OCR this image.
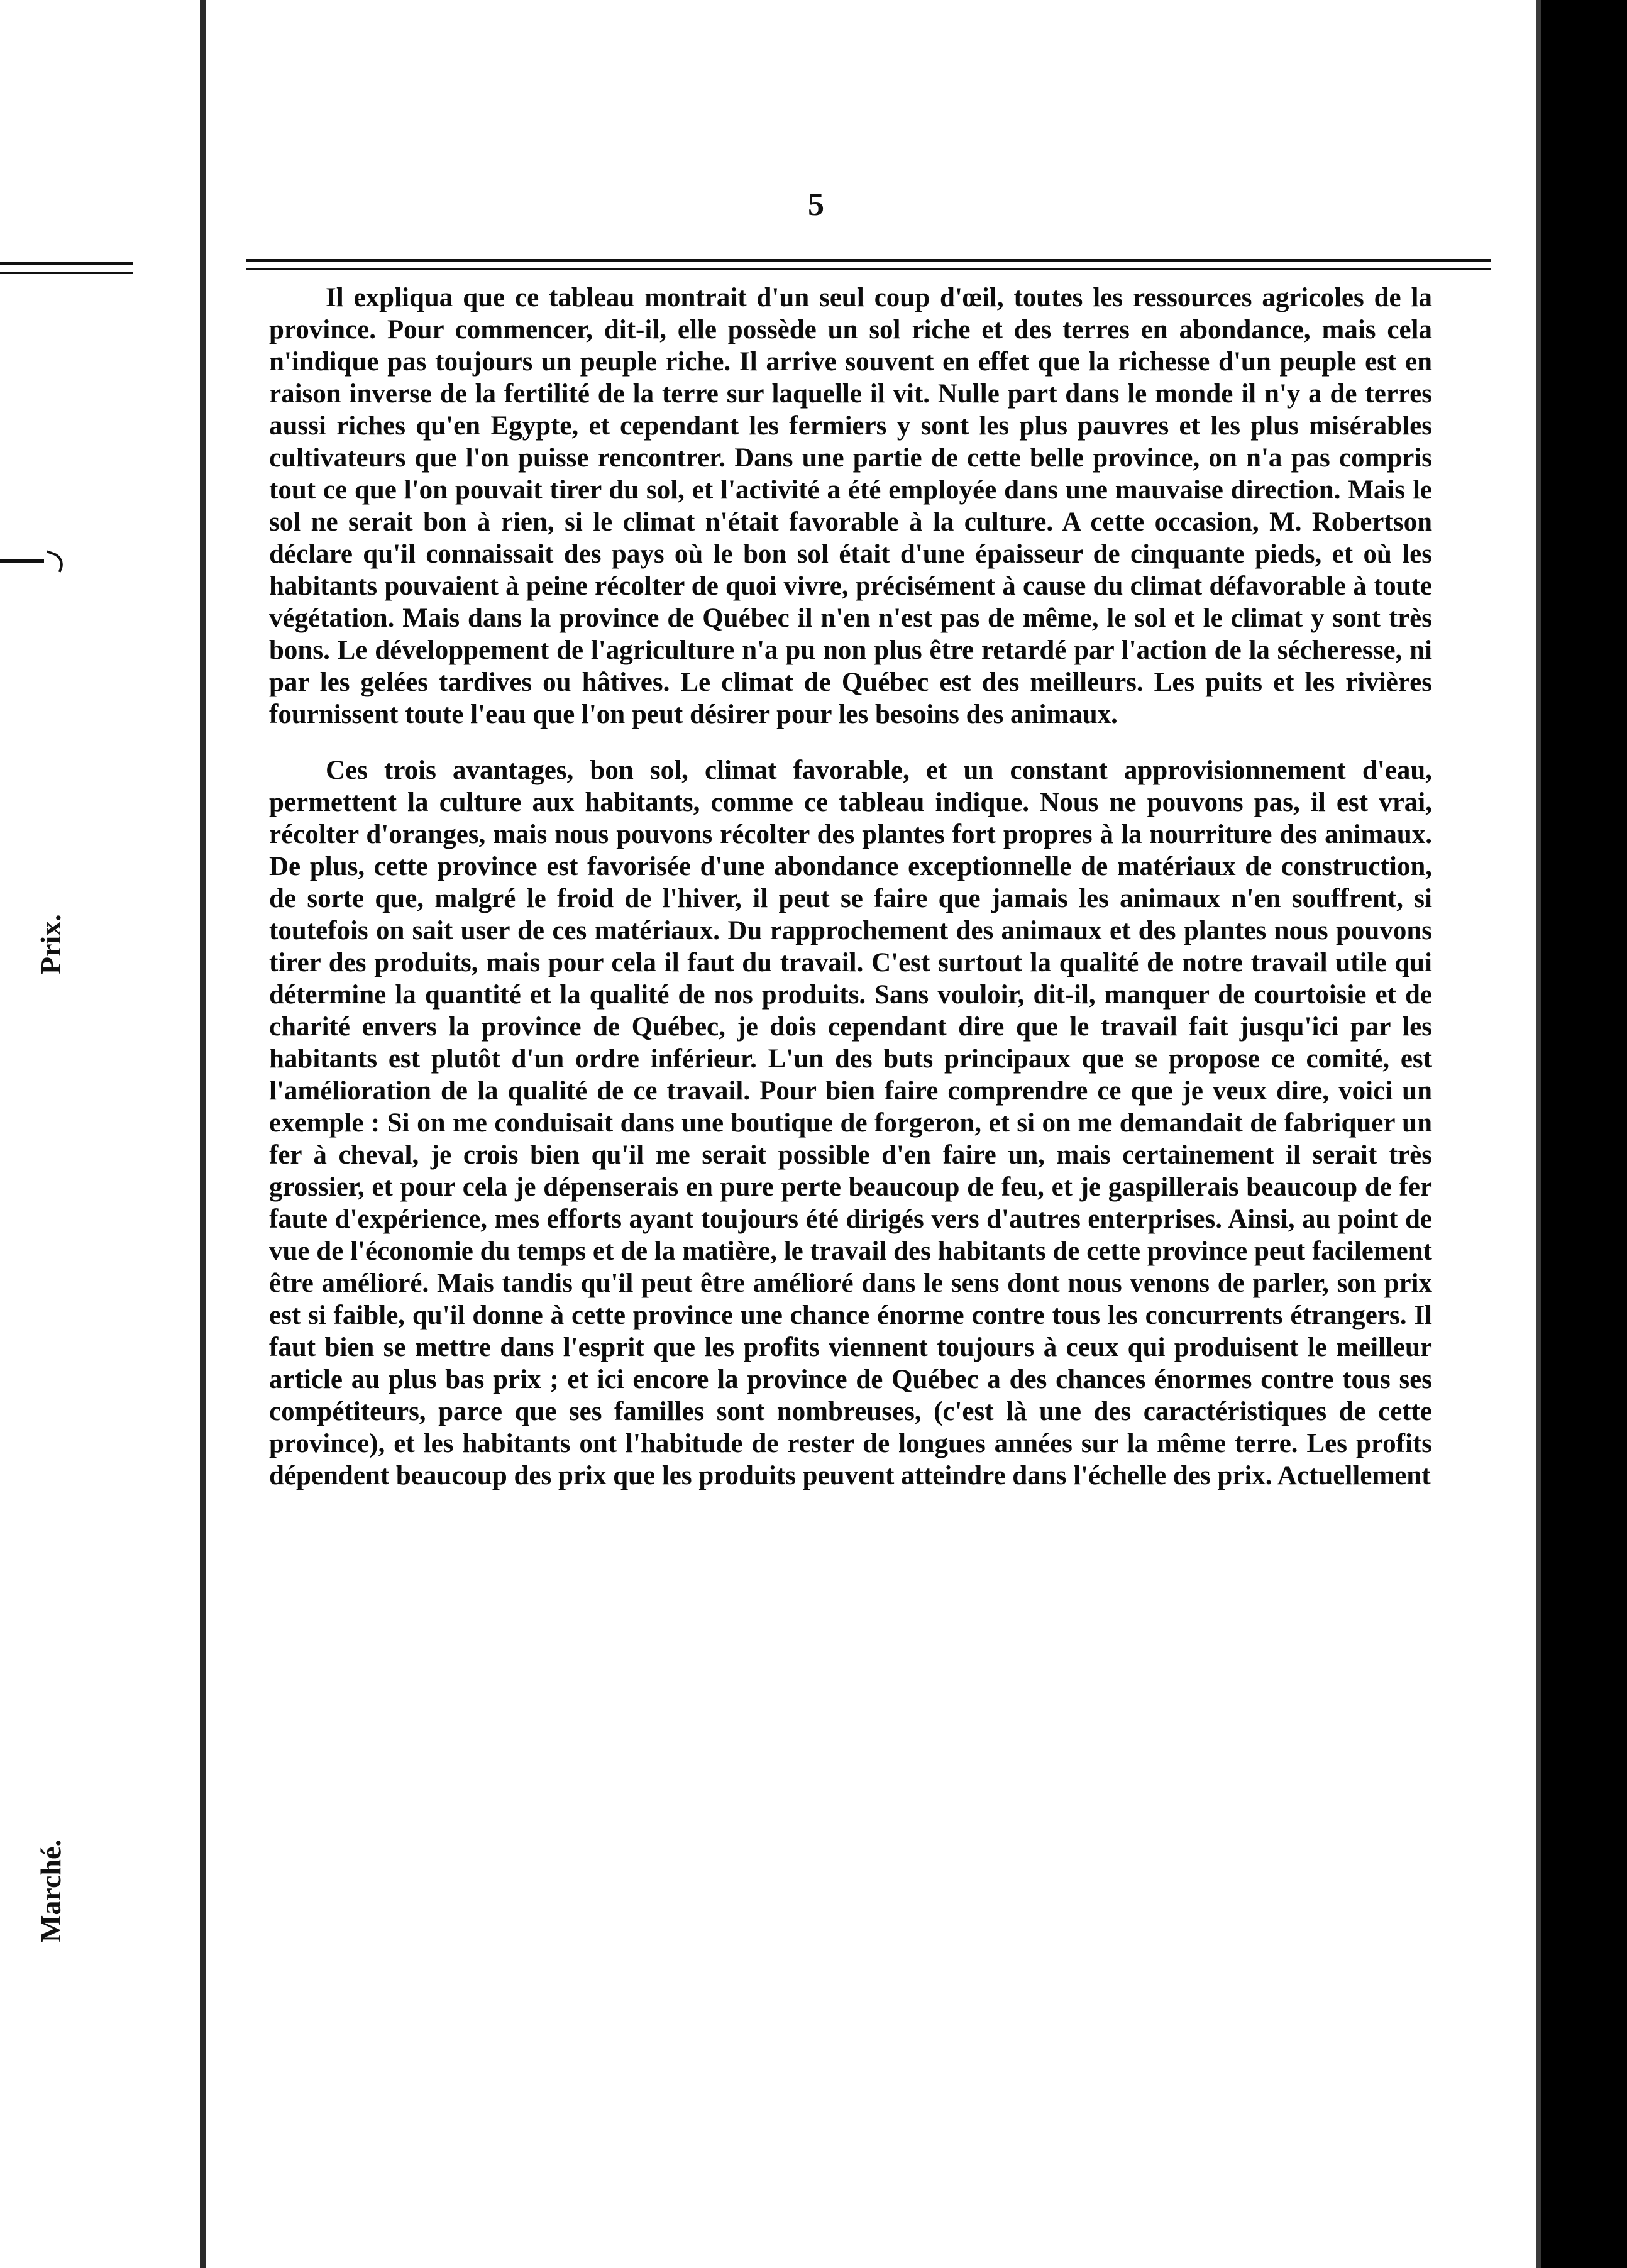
Prix.
Marché.
5

Il expliqua que ce tableau montrait d'un seul coup d'œil, toutes les ressources agricoles de la province. Pour commencer, dit-il, elle possède un sol riche et des terres en abondance, mais cela n'indique pas toujours un peuple riche. Il arrive souvent en effet que la richesse d'un peuple est en raison inverse de la fertilité de la terre sur laquelle il vit. Nulle part dans le monde il n'y a de terres aussi riches qu'en Egypte, et cependant les fermiers y sont les plus pauvres et les plus misérables cultivateurs que l'on puisse rencontrer. Dans une partie de cette belle province, on n'a pas compris tout ce que l'on pouvait tirer du sol, et l'activité a été employée dans une mauvaise direction. Mais le sol ne serait bon à rien, si le climat n'était favorable à la culture. A cette occasion, M. Robertson déclare qu'il connaissait des pays où le bon sol était d'une épaisseur de cinquante pieds, et où les habitants pouvaient à peine récolter de quoi vivre, précisément à cause du climat défavorable à toute végétation. Mais dans la province de Québec il n'en n'est pas de même, le sol et le climat y sont très bons. Le développement de l'agriculture n'a pu non plus être retardé par l'action de la sécheresse, ni par les gelées tardives ou hâtives. Le climat de Québec est des meilleurs. Les puits et les rivières fournissent toute l'eau que l'on peut désirer pour les besoins des animaux.

Ces trois avantages, bon sol, climat favorable, et un constant approvisionnement d'eau, permettent la culture aux habitants, comme ce tableau indique. Nous ne pouvons pas, il est vrai, récolter d'oranges, mais nous pouvons récolter des plantes fort propres à la nourriture des animaux. De plus, cette province est favorisée d'une abondance exceptionnelle de matériaux de construction, de sorte que, malgré le froid de l'hiver, il peut se faire que jamais les animaux n'en souffrent, si toutefois on sait user de ces matériaux. Du rapprochement des animaux et des plantes nous pouvons tirer des produits, mais pour cela il faut du travail. C'est surtout la qualité de notre travail utile qui détermine la quantité et la qualité de nos produits. Sans vouloir, dit-il, manquer de courtoisie et de charité envers la province de Québec, je dois cependant dire que le travail fait jusqu'ici par les habitants est plutôt d'un ordre inférieur. L'un des buts principaux que se propose ce comité, est l'amélioration de la qualité de ce travail. Pour bien faire comprendre ce que je veux dire, voici un exemple : Si on me conduisait dans une boutique de forgeron, et si on me demandait de fabriquer un fer à cheval, je crois bien qu'il me serait possible d'en faire un, mais certainement il serait très grossier, et pour cela je dépenserais en pure perte beaucoup de feu, et je gaspillerais beaucoup de fer faute d'expérience, mes efforts ayant toujours été dirigés vers d'autres enterprises. Ainsi, au point de vue de l'économie du temps et de la matière, le travail des habitants de cette province peut facilement être amélioré. Mais tandis qu'il peut être amélioré dans le sens dont nous venons de parler, son prix est si faible, qu'il donne à cette province une chance énorme contre tous les concurrents étrangers. Il faut bien se mettre dans l'esprit que les profits viennent toujours à ceux qui produisent le meilleur article au plus bas prix ; et ici encore la province de Québec a des chances énormes contre tous ses compétiteurs, parce que ses familles sont nombreuses, (c'est là une des caractéristiques de cette province), et les habitants ont l'habitude de rester de longues années sur la même terre. Les profits dépendent beaucoup des prix que les produits peuvent atteindre dans l'échelle des prix. Actuellement
